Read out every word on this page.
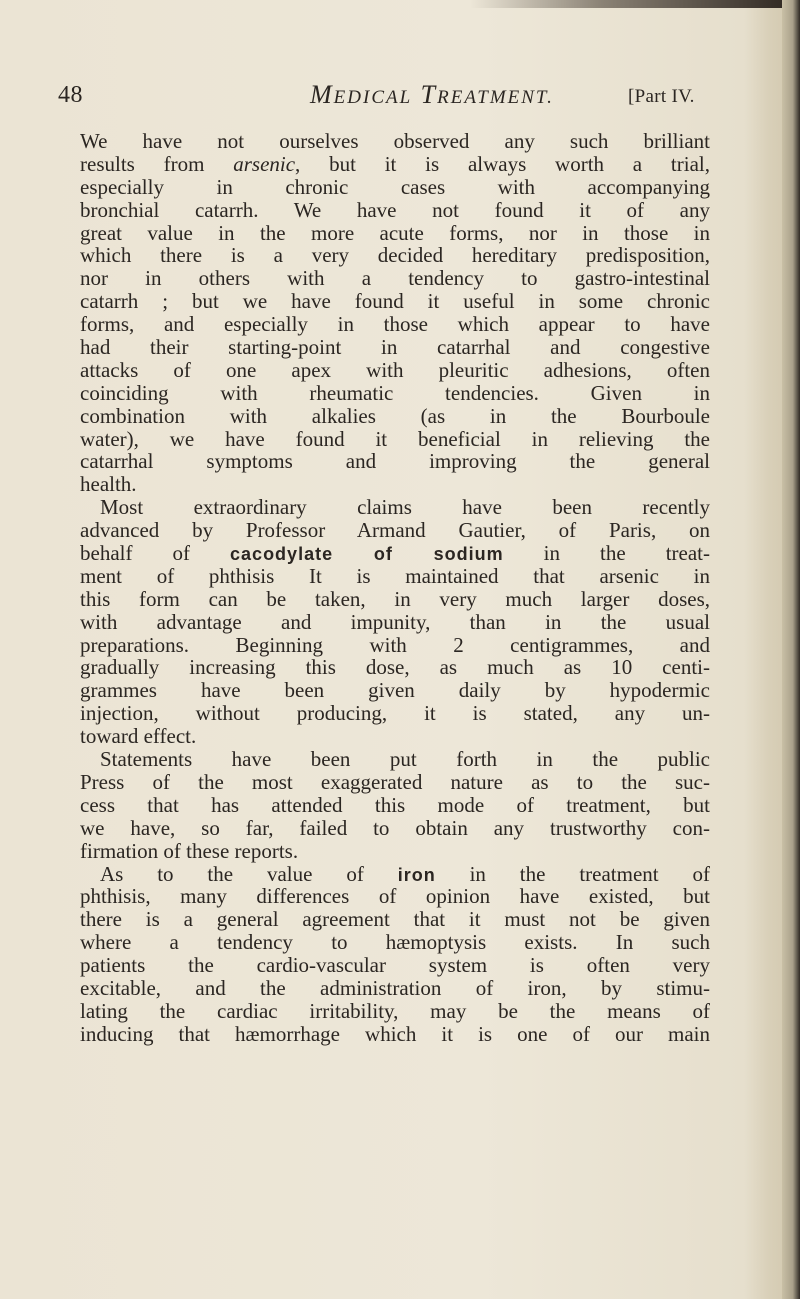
48	MEDICAL TREATMENT.	[Part IV.
We have not ourselves observed any such brilliant
results from arsenic, but it is always worth a trial,
especially in chronic cases with accompanying
bronchial catarrh. We have not found it of any
great value in the more acute forms, nor in those in
which there is a very decided hereditary predisposition,
nor in others with a tendency to gastro-intestinal
catarrh ; but we have found it useful in some chronic
forms, and especially in those which appear to have
had their starting-point in catarrhal and congestive
attacks of one apex with pleuritic adhesions, often
coinciding with rheumatic tendencies. Given in
combination with alkalies (as in the Bourboule
water), we have found it beneficial in relieving the
catarrhal symptoms and improving the general
health.
Most extraordinary claims have been recently
advanced by Professor Armand Gautier, of Paris, on
behalf of cacodylate of sodium in the treat-
ment of phthisis It is maintained that arsenic in
this form can be taken, in very much larger doses,
with advantage and impunity, than in the usual
preparations. Beginning with 2 centigrammes, and
gradually increasing this dose, as much as 10 centi-
grammes have been given daily by hypodermic
injection, without producing, it is stated, any un-
toward effect.
Statements have been put forth in the public
Press of the most exaggerated nature as to the suc-
cess that has attended this mode of treatment, but
we have, so far, failed to obtain any trustworthy con-
firmation of these reports.
As to the value of iron in the treatment of
phthisis, many differences of opinion have existed, but
there is a general agreement that it must not be given
where a tendency to hæmoptysis exists. In such
patients the cardio-vascular system is often very
excitable, and the administration of iron, by stimu-
lating the cardiac irritability, may be the means of
inducing that hæmorrhage which it is one of our main
